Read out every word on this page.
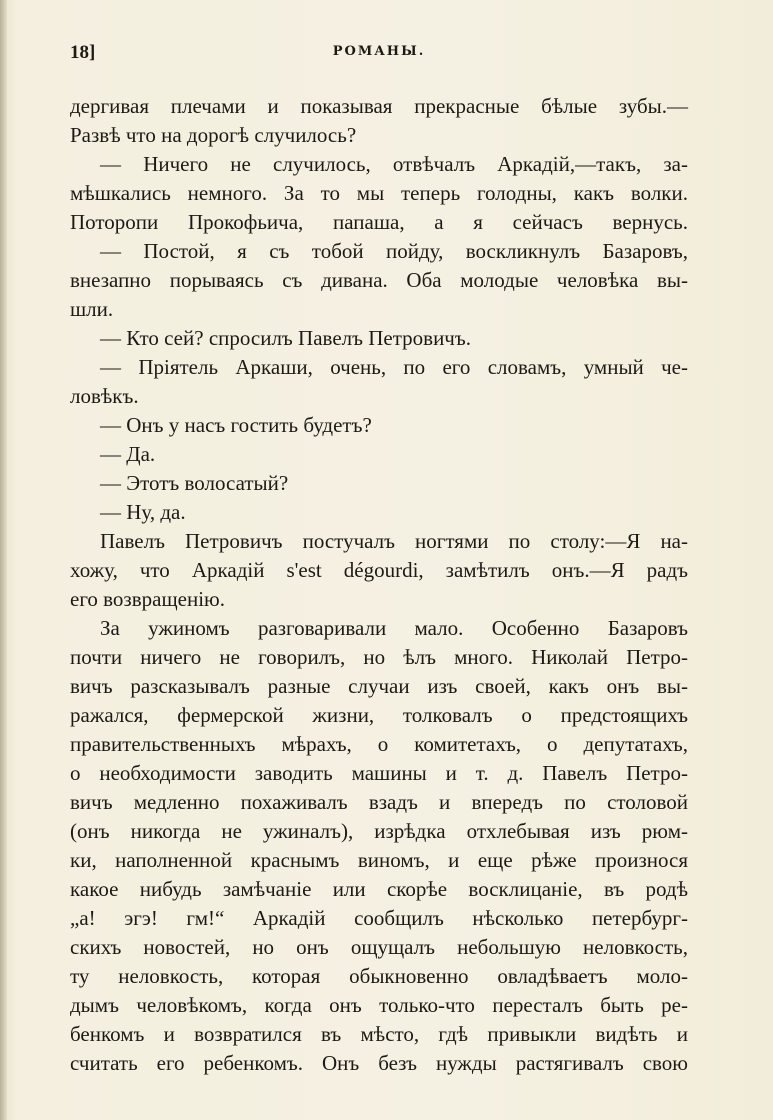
18]	РОМАНЫ.
дергивая плечами и показывая прекрасные бѣлые зубы.—
Развѣ что на дорогѣ случилось?
— Ничего не случилось, отвѣчалъ Аркадій,—такъ, за-
мѣшкались немного. За то мы теперь голодны, какъ волки.
Поторопи Прокофьича, папаша, а я сейчасъ вернусь.
— Постой, я съ тобой пойду, воскликнулъ Базаровъ,
внезапно порываясь съ дивана. Оба молодые человѣка вы-
шли.
— Кто сей? спросилъ Павелъ Петровичъ.
— Пріятель Аркаши, очень, по его словамъ, умный че-
ловѣкъ.
— Онъ у насъ гостить будетъ?
— Да.
— Этотъ волосатый?
— Ну, да.
Павелъ Петровичъ постучалъ ногтями по столу:—Я на-
хожу, что Аркадій s'est dégourdi, замѣтилъ онъ.—Я радъ
его возвращенію.
За ужиномъ разговаривали мало. Особенно Базаровъ
почти ничего не говорилъ, но ѣлъ много. Николай Петро-
вичъ разсказывалъ разные случаи изъ своей, какъ онъ вы-
ражался, фермерской жизни, толковалъ о предстоящихъ
правительственныхъ мѣрахъ, о комитетахъ, о депутатахъ,
о необходимости заводить машины и т. д. Павелъ Петро-
вичъ медленно похаживалъ взадъ и впередъ по столовой
(онъ никогда не ужиналъ), изрѣдка отхлебывая изъ рюм-
ки, наполненной краснымъ виномъ, и еще рѣже произнося
какое нибудь замѣчаніе или скорѣе восклицаніе, въ родѣ
„а! эгэ! гм!“ Аркадій сообщилъ нѣсколько петербург-
скихъ новостей, но онъ ощущалъ небольшую неловкость,
ту неловкость, которая обыкновенно овладѣваетъ моло-
дымъ человѣкомъ, когда онъ только-что пересталъ быть ре-
бенкомъ и возвратился въ мѣсто, гдѣ привыкли видѣть и
считать его ребенкомъ. Онъ безъ нужды растягивалъ свою
